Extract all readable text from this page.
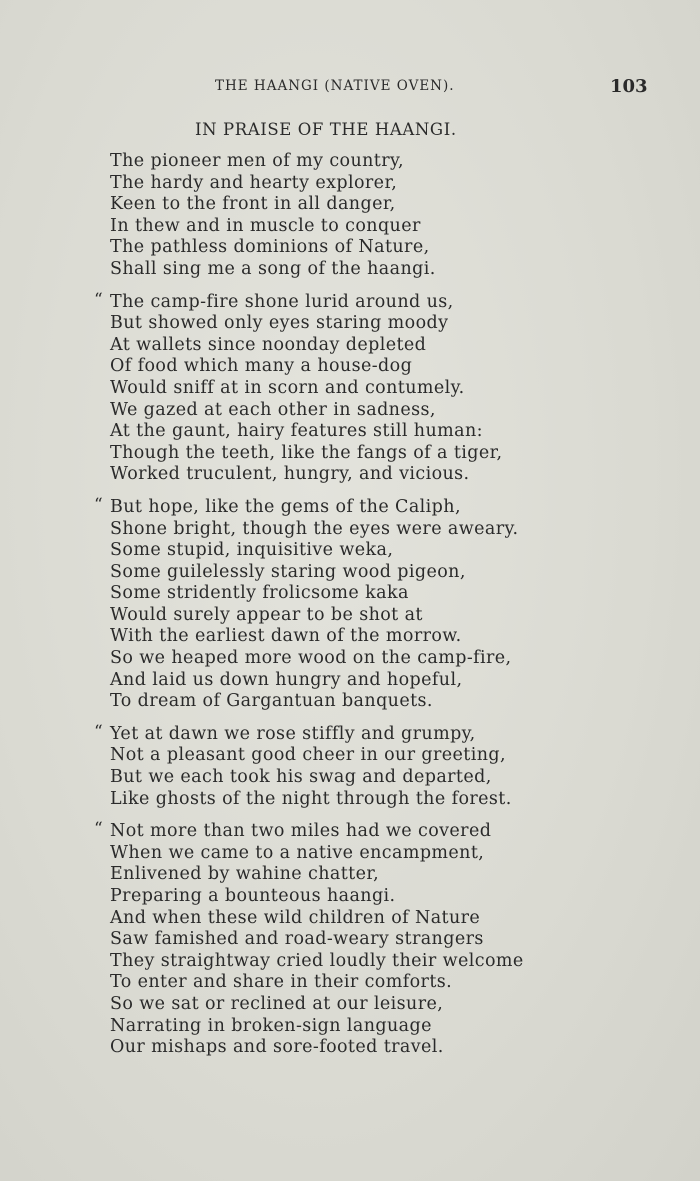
THE HAANGI (NATIVE OVEN).	103
IN PRAISE OF THE HAANGI.
The pioneer men of my country,
The hardy and hearty explorer,
Keen to the front in all danger,
In thew and in muscle to conquer
The pathless dominions of Nature,
Shall sing me a song of the haangi.
“ The camp-fire shone lurid around us,
But showed only eyes staring moody
At wallets since noonday depleted
Of food which many a house-dog
Would sniff at in scorn and contumely.
We gazed at each other in sadness,
At the gaunt, hairy features still human:
Though the teeth, like the fangs of a tiger,
Worked truculent, hungry, and vicious.
“ But hope, like the gems of the Caliph,
Shone bright, though the eyes were aweary.
Some stupid, inquisitive weka,
Some guilelessly staring wood pigeon,
Some stridently frolicsome kaka
Would surely appear to be shot at
With the earliest dawn of the morrow.
So we heaped more wood on the camp-fire,
And laid us down hungry and hopeful,
To dream of Gargantuan banquets.
“ Yet at dawn we rose stiffly and grumpy,
Not a pleasant good cheer in our greeting,
But we each took his swag and departed,
Like ghosts of the night through the forest.
“ Not more than two miles had we covered
When we came to a native encampment,
Enlivened by wahine chatter,
Preparing a bounteous haangi.
And when these wild children of Nature
Saw famished and road-weary strangers
They straightway cried loudly their welcome
To enter and share in their comforts.
So we sat or reclined at our leisure,
Narrating in broken-sign language
Our mishaps and sore-footed travel.
